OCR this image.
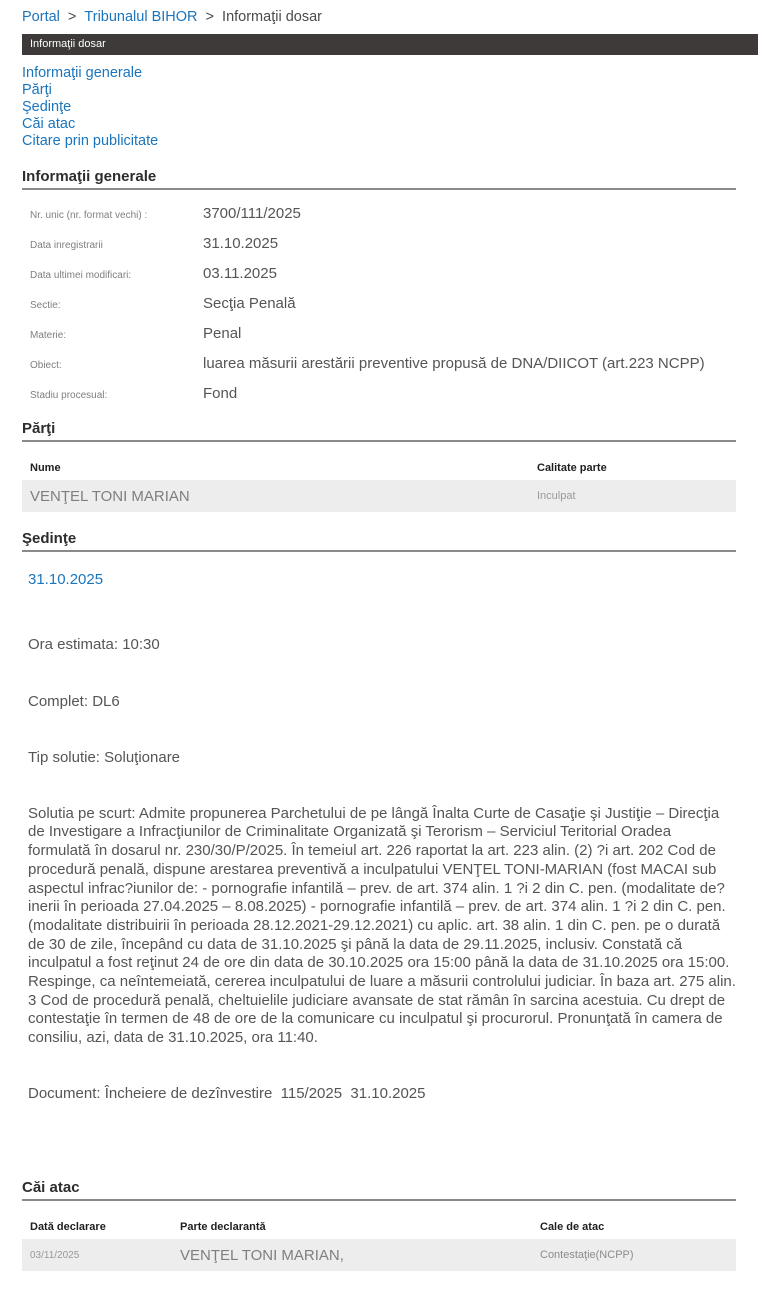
Portal > Tribunalul BIHOR > Informaţii dosar
Informaţii dosar
Informaţii generale
Părţi
Şedinţe
Căi atac
Citare prin publicitate
Informaţii generale
Nr. unic (nr. format vechi) :	3700/111/2025
Data inregistrarii	31.10.2025
Data ultimei modificari:	03.11.2025
Sectie:	Secţia Penală
Materie:	Penal
Obiect:	luarea măsurii arestării preventive propusă de DNA/DIICOT (art.223 NCPP)
Stadiu procesual:	Fond
Părţi
Nume	Calitate parte
VENŢEL TONI MARIAN	Inculpat
Şedinţe
31.10.2025

Ora estimata: 10:30

Complet: DL6

Tip solutie: Soluţionare

Solutia pe scurt: Admite propunerea Parchetului de pe lângă Înalta Curte de Casaţie şi Justiţie – Direcţia de Investigare a Infracţiunilor de Criminalitate Organizată şi Terorism – Serviciul Teritorial Oradea formulată în dosarul nr. 230/30/P/2025. În temeiul art. 226 raportat la art. 223 alin. (2) ?i art. 202 Cod de procedură penală, dispune arestarea preventivă a inculpatului VENŢEL TONI-MARIAN (fost MACAI sub aspectul infrac?iunilor de: - pornografie infantilă – prev. de art. 374 alin. 1 ?i 2 din C. pen. (modalitate de?inerii în perioada 27.04.2025 – 8.08.2025) - pornografie infantilă – prev. de art. 374 alin. 1 ?i 2 din C. pen. (modalitate distribuirii în perioada 28.12.2021-29.12.2021) cu aplic. art. 38 alin. 1 din C. pen. pe o durată de 30 de zile, începând cu data de 31.10.2025 şi până la data de 29.11.2025, inclusiv. Constată că inculpatul a fost reţinut 24 de ore din data de 30.10.2025 ora 15:00 până la data de 31.10.2025 ora 15:00. Respinge, ca neîntemeiată, cererea inculpatului de luare a măsurii controlului judiciar. În baza art. 275 alin. 3 Cod de procedură penală, cheltuielile judiciare avansate de stat rămân în sarcina acestuia. Cu drept de contestaţie în termen de 48 de ore de la comunicare cu inculpatul şi procurorul. Pronunţată în camera de consiliu, azi, data de 31.10.2025, ora 11:40.

Document: Încheiere de dezînvestire  115/2025  31.10.2025

Căi atac
Dată declarare	Parte declarantă	Cale de atac
03/11/2025	VENŢEL TONI MARIAN,	Contestaţie(NCPP)
